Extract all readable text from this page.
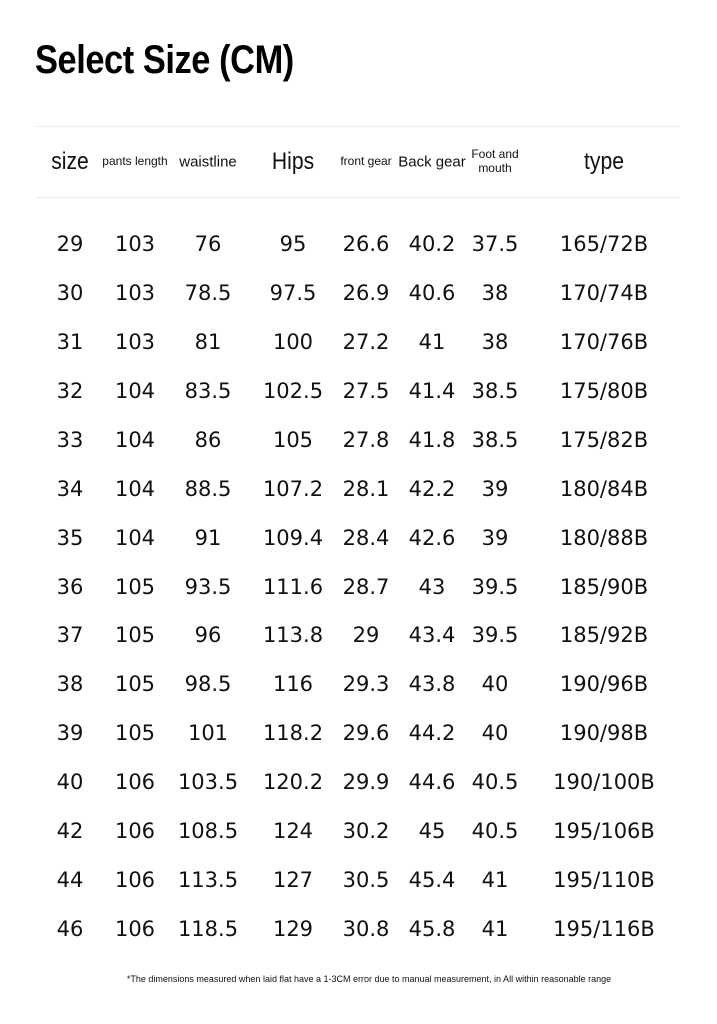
Select Size (CM)
size pants length waistline Hips front gear Back gear Foot and mouth	type
29 103 76	95 26.6 40.2 37.5 165/72B
30 103 78.5 97.5 26.9 40.6 38 170/74B
31 103 81 100 27.2 41 38 170/76B
32 104 83.5 102.5 27.5 41.4 38.5 175/80B
33 104 86 105 27.8 41.8 38.5 175/82B
34 104 88.5 107.2 28.1 42.2 39 180/84B
35 104 91 109.4 28.4 42.6 39 180/88B
36 105 93.5 111.6 28.7 43 39.5 185/90B
37 105 96 113.8 29 43.4 39.5 185/92B
38 105 98.5 116 29.3 43.8 40 190/96B
39 105 101 118.2 29.6 44.2 40 190/98B
40 106 103.5 120.2 29.9 44.6 40.5 190/100B
42 106 108.5 124 30.2 45 40.5 195/106B
44 106 113.5 127 30.5 45.4 41 195/110B
46 106 118.5 129 30.8 45.8 41 195/116B
*The dimensions measured when laid flat have a 1-3CM error due to manual measurement, in All within reasonable range
